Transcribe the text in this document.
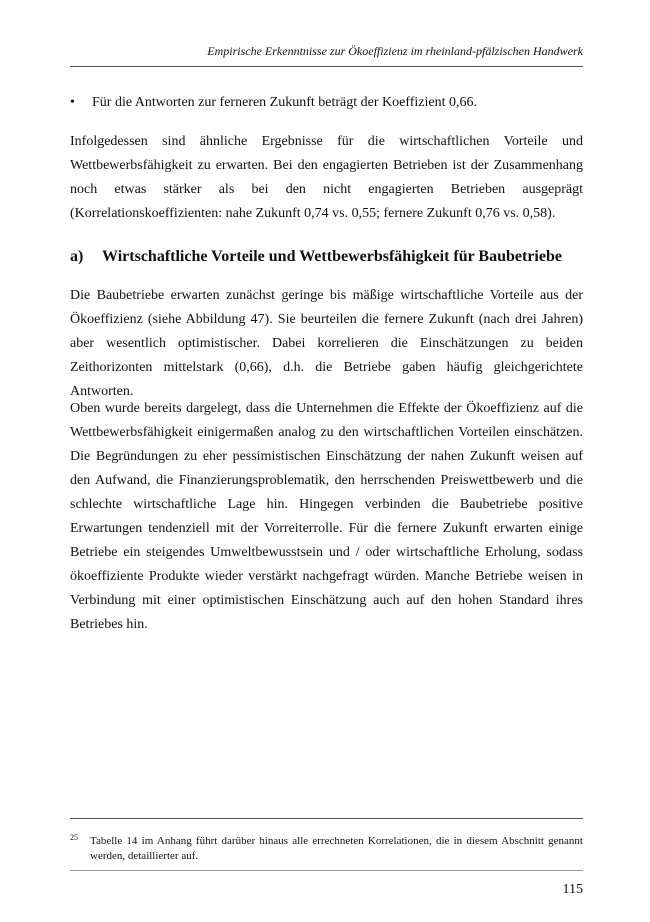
Empirische Erkenntnisse zur Ökoeffizienz im rheinland-pfälzischen Handwerk
• Für die Antworten zur ferneren Zukunft beträgt der Koeffizient 0,66.
Infolgedessen sind ähnliche Ergebnisse für die wirtschaftlichen Vorteile und Wettbewerbsfähigkeit zu erwarten. Bei den engagierten Betrieben ist der Zusammenhang noch etwas stärker als bei den nicht engagierten Betrieben ausgeprägt (Korrelationskoeffizienten: nahe Zukunft 0,74 vs. 0,55; fernere Zukunft 0,76 vs. 0,58).
a) Wirtschaftliche Vorteile und Wettbewerbsfähigkeit für Baubetriebe
Die Baubetriebe erwarten zunächst geringe bis mäßige wirtschaftliche Vorteile aus der Ökoeffizienz (siehe Abbildung 47). Sie beurteilen die fernere Zukunft (nach drei Jahren) aber wesentlich optimistischer. Dabei korrelieren die Einschätzungen zu beiden Zeithorizonten mittelstark (0,66), d.h. die Betriebe gaben häufig gleichgerichtete Antworten.
Oben wurde bereits dargelegt, dass die Unternehmen die Effekte der Ökoeffizienz auf die Wettbewerbsfähigkeit einigermaßen analog zu den wirtschaftlichen Vorteilen einschätzen. Die Begründungen zu eher pessimistischen Einschätzung der nahen Zukunft weisen auf den Aufwand, die Finanzierungsproblematik, den herrschenden Preiswettbewerb und die schlechte wirtschaftliche Lage hin. Hingegen verbinden die Baubetriebe positive Erwartungen tendenziell mit der Vorreiterrolle. Für die fernere Zukunft erwarten einige Betriebe ein steigendes Umweltbewusstsein und / oder wirtschaftliche Erholung, sodass ökoeffiziente Produkte wieder verstärkt nachgefragt würden. Manche Betriebe weisen in Verbindung mit einer optimistischen Einschätzung auch auf den hohen Standard ihres Betriebes hin.
25 Tabelle 14 im Anhang führt darüber hinaus alle errechneten Korrelationen, die in diesem Abschnitt genannt werden, detaillierter auf.
115
